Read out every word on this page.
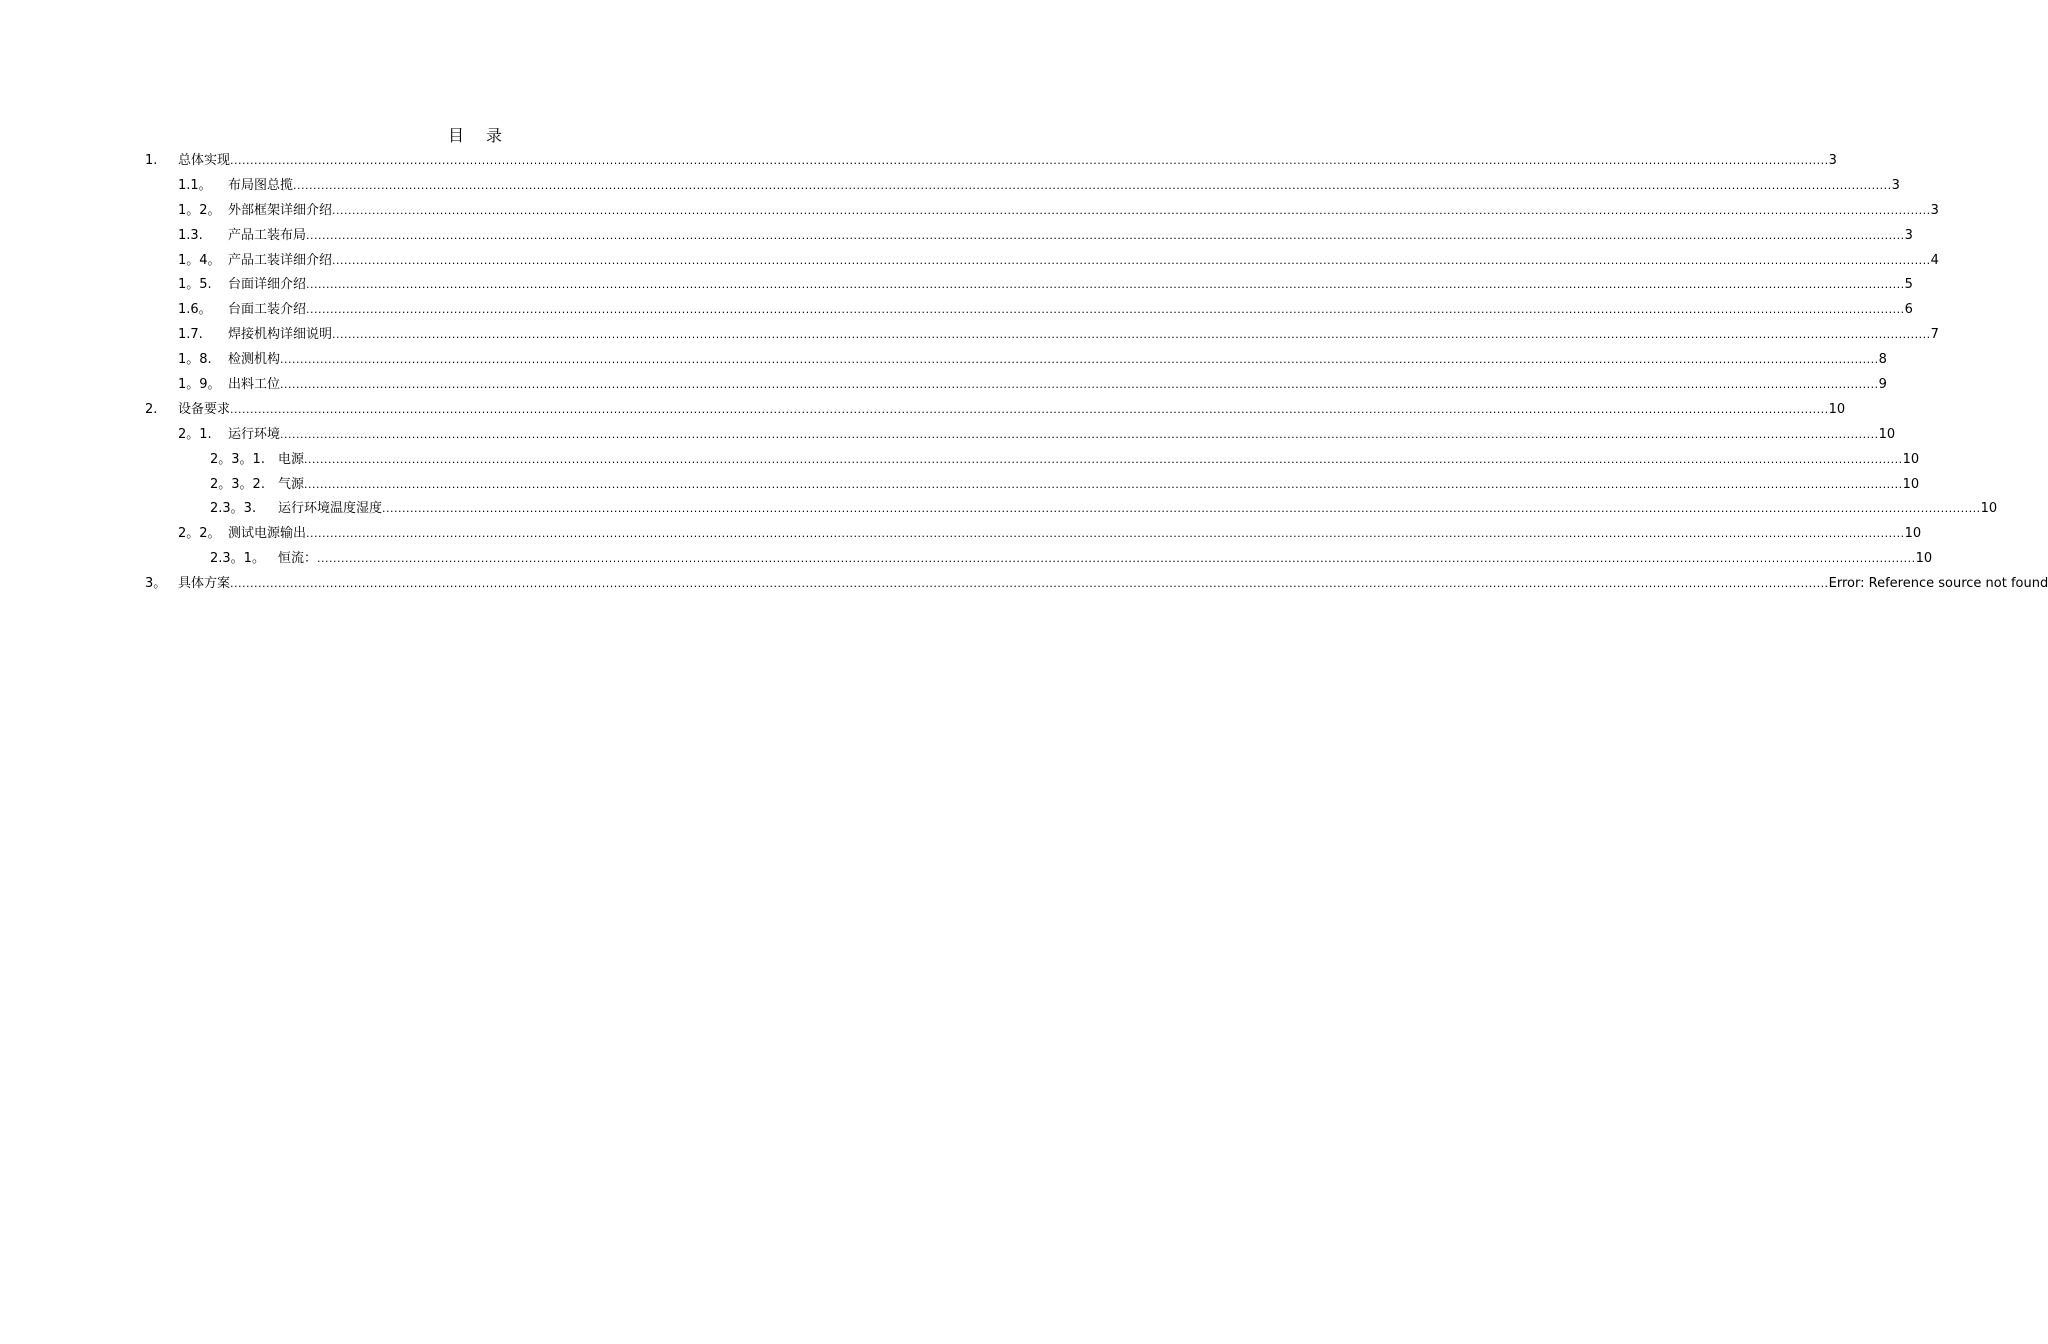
目 录
1. 总体实现 ................................................................................................................................................................................................................................................................................................................................................................................................................ 3
1.1。 布局图总揽 ................................................................................................................................................................................................................................................................................................................................................................................................................ 3
1。2。 外部框架详细介绍 ................................................................................................................................................................................................................................................................................................................................................................................................................ 3
1.3. 产品工装布局 ................................................................................................................................................................................................................................................................................................................................................................................................................ 3
1。4。 产品工装详细介绍 ................................................................................................................................................................................................................................................................................................................................................................................................................ 4
1。5. 台面详细介绍 ................................................................................................................................................................................................................................................................................................................................................................................................................ 5
1.6。 台面工装介绍 ................................................................................................................................................................................................................................................................................................................................................................................................................ 6
1.7. 焊接机构详细说明 ................................................................................................................................................................................................................................................................................................................................................................................................................ 7
1。8. 检测机构 ................................................................................................................................................................................................................................................................................................................................................................................................................ 8
1。9。 出料工位 ................................................................................................................................................................................................................................................................................................................................................................................................................ 9
2. 设备要求 ................................................................................................................................................................................................................................................................................................................................................................................................................ 10
2。1. 运行环境 ................................................................................................................................................................................................................................................................................................................................................................................................................ 10
2。3。1. 电源 ................................................................................................................................................................................................................................................................................................................................................................................................................ 10
2。3。2. 气源 ................................................................................................................................................................................................................................................................................................................................................................................................................ 10
2.3。3. 运行环境温度湿度 ................................................................................................................................................................................................................................................................................................................................................................................................................ 10
2。2。 测试电源输出 ................................................................................................................................................................................................................................................................................................................................................................................................................ 10
2.3。1。 恒流： ................................................................................................................................................................................................................................................................................................................................................................................................................ 10
3。 具体方案 ................................................................................................................................................................................................................................................................................................................................................................................................................ Error: Reference source not found
